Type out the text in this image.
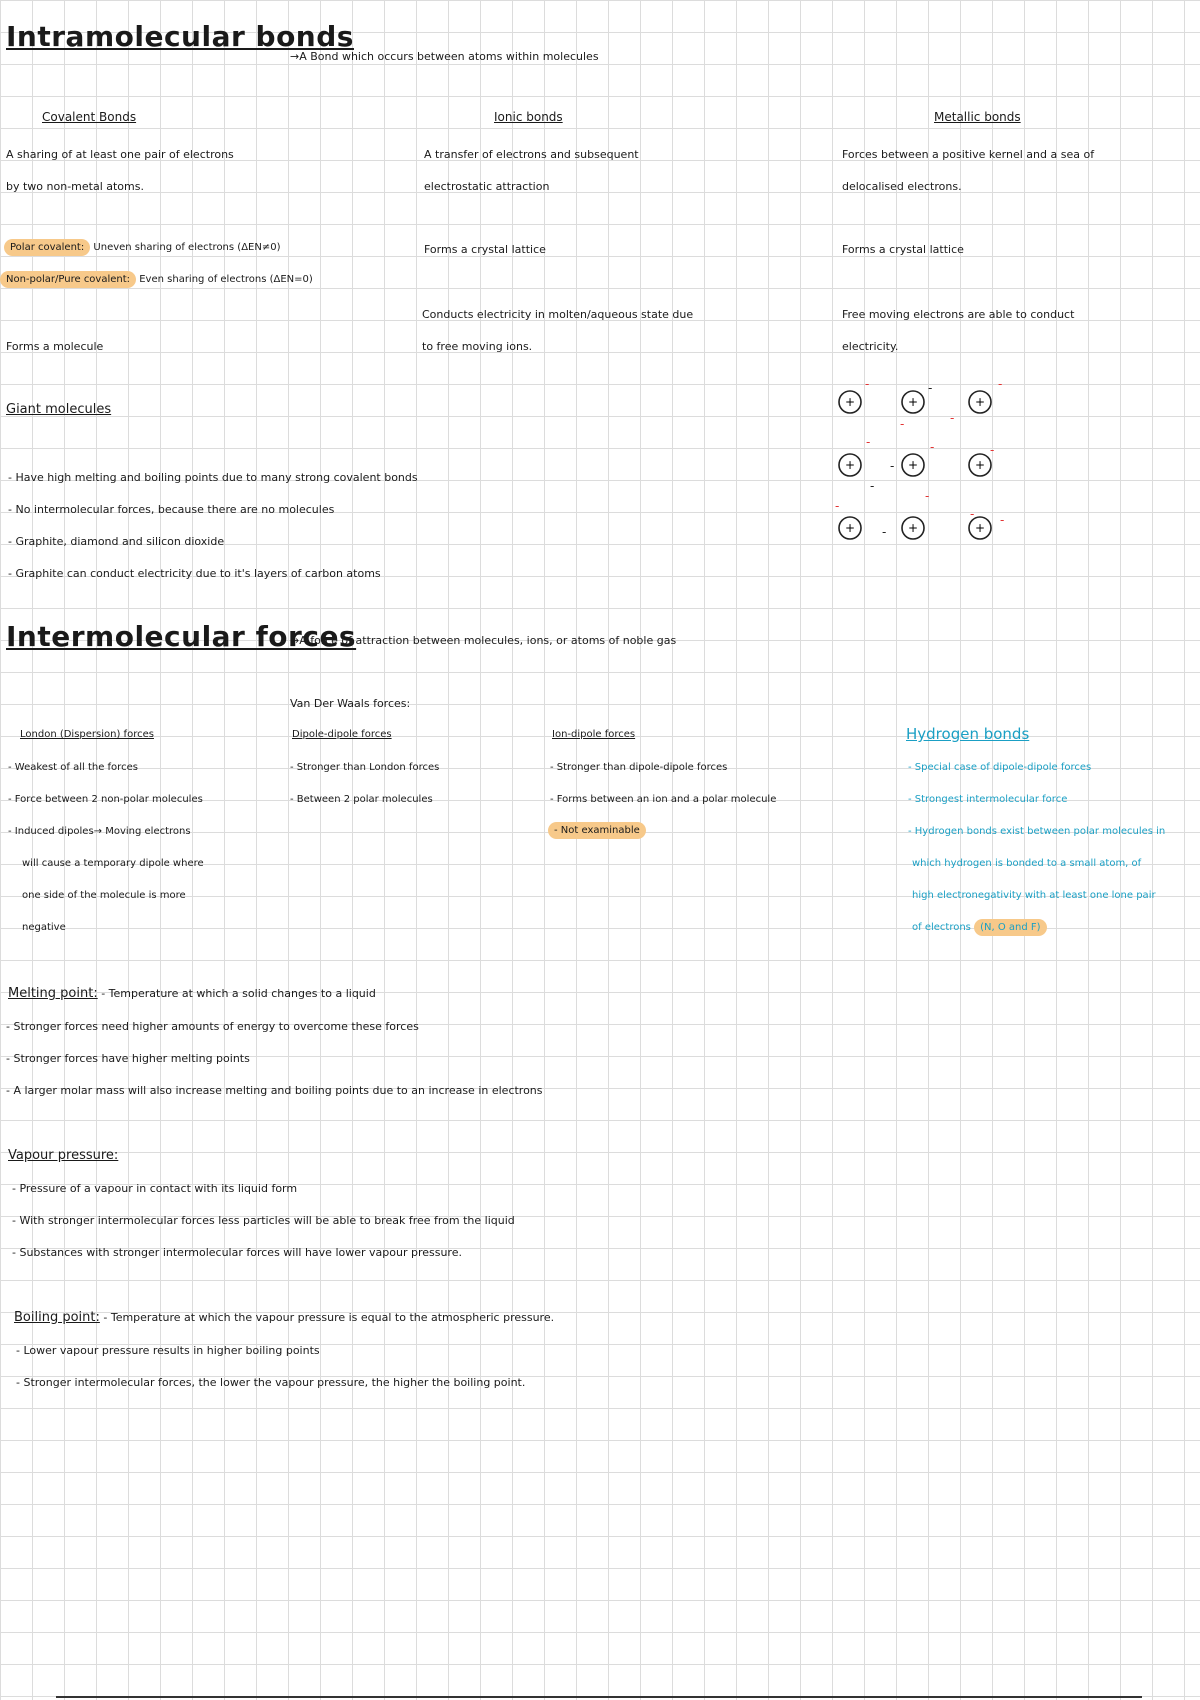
Intramolecular bonds
→A Bond which occurs between atoms within molecules
Covalent Bonds
A sharing of at least one pair of electrons
by two non-metal atoms.
Polar covalent: Uneven sharing of electrons (ΔEN≠0)
Non-polar/Pure covalent: Even sharing of electrons (ΔEN=0)
Forms a molecule
Ionic bonds
A transfer of electrons and subsequent
electrostatic attraction
Forms a crystal lattice
Conducts electricity in molten/aqueous state due
to free moving ions.
Metallic bonds
Forces between a positive kernel and a sea of
delocalised electrons.
Forms a crystal lattice
Free moving electrons are able to conduct
electricity.
+	+	+
+	+	+
+	+	+
-	-	-
-	-
-	-
-
-
-
-
-
- -
-
Giant molecules
- Have high melting and boiling points due to many strong covalent bonds
- No intermolecular forces, because there are no molecules
- Graphite, diamond and silicon dioxide
- Graphite can conduct electricity due to it's layers of carbon atoms
Intermolecular forces
→A force of attraction between molecules, ions, or atoms of noble gas
Van Der Waals forces:
London (Dispersion) forces
- Weakest of all the forces
- Force between 2 non-polar molecules
- Induced dipoles→ Moving electrons
will cause a temporary dipole where
one side of the molecule is more
negative
Dipole-dipole forces
- Stronger than London forces
- Between 2 polar molecules
Ion-dipole forces
- Stronger than dipole-dipole forces
- Forms between an ion and a polar molecule
- Not examinable
Hydrogen bonds
- Special case of dipole-dipole forces
- Strongest intermolecular force
- Hydrogen bonds exist between polar molecules in
which hydrogen is bonded to a small atom, of
high electronegativity with at least one lone pair
of electrons (N, O and F)
Melting point: - Temperature at which a solid changes to a liquid
- Stronger forces need higher amounts of energy to overcome these forces
- Stronger forces have higher melting points
- A larger molar mass will also increase melting and boiling points due to an increase in electrons
Vapour pressure:
- Pressure of a vapour in contact with its liquid form
- With stronger intermolecular forces less particles will be able to break free from the liquid
- Substances with stronger intermolecular forces will have lower vapour pressure.
Boiling point: - Temperature at which the vapour pressure is equal to the atmospheric pressure.
- Lower vapour pressure results in higher boiling points
- Stronger intermolecular forces, the lower the vapour pressure, the higher the boiling point.
